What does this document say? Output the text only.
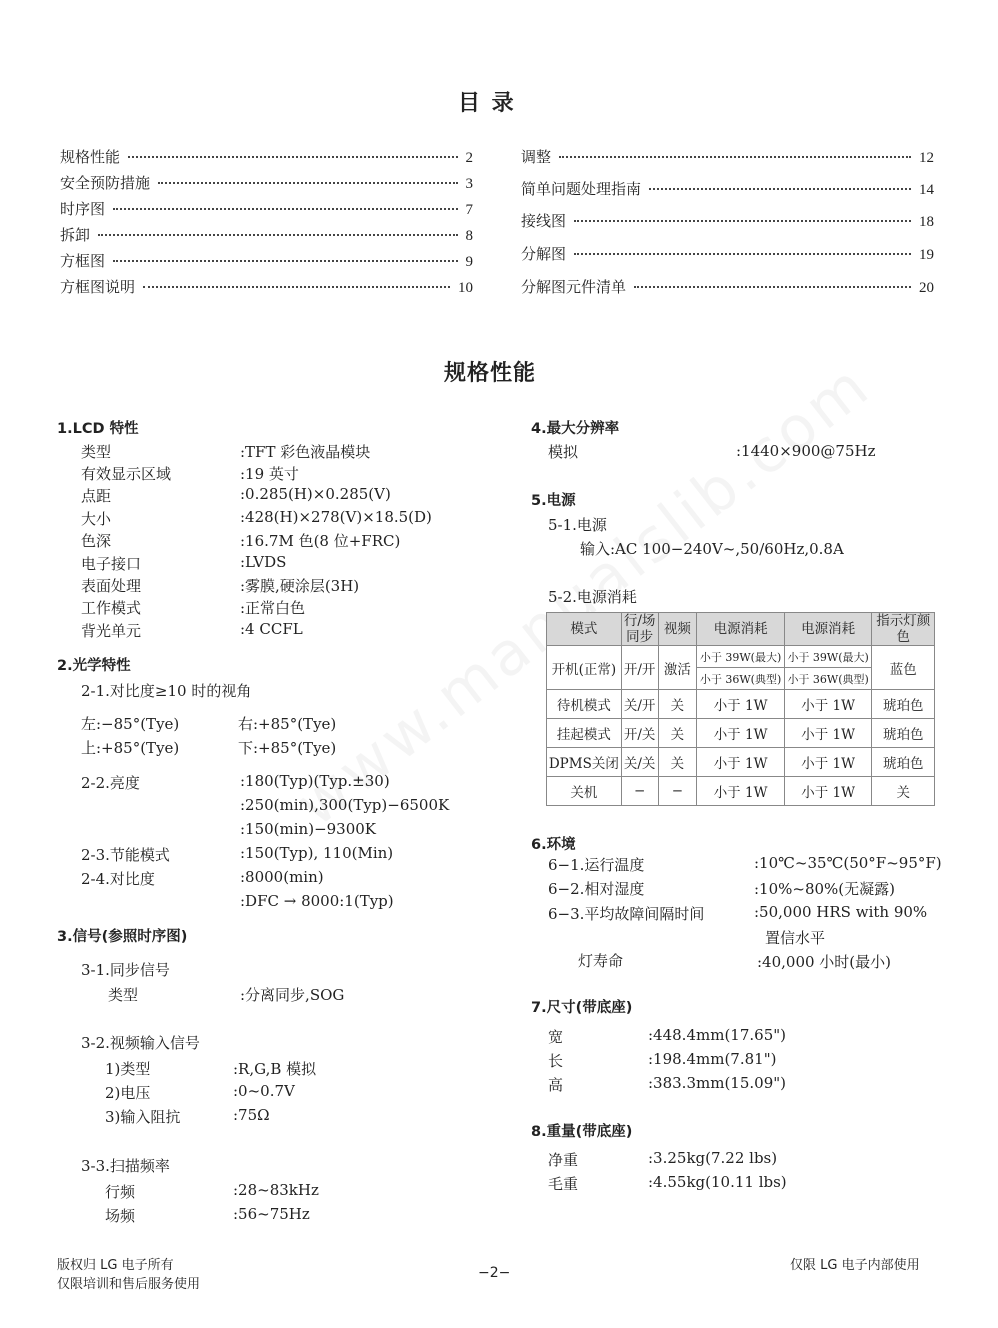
目 录
规格性能	2
安全预防措施	3
时序图	7
拆卸	8
方框图	9
方框图说明	10
调整	12
简单问题处理指南	14
接线图	18
分解图	19
分解图元件清单	20
规格性能
1.LCD 特性
类型	:TFT 彩色液晶模块
有效显示区域	:19 英寸
点距	:0.285(H)×0.285(V)
大小	:428(H)×278(V)×18.5(D)
色深	:16.7M 色(8 位+FRC)
电子接口	:LVDS
表面处理	:雾膜,硬涂层(3H)
工作模式	:正常白色
背光单元	:4 CCFL
2.光学特性
2-1.对比度≥10 时的视角
左:−85°(Tye)	右:+85°(Tye)
上:+85°(Tye)	下:+85°(Tye)
2-2.亮度	:180(Typ)(Typ.±30)
:250(min),300(Typ)−6500K
:150(min)−9300K
2-3.节能模式	:150(Typ), 110(Min)
2-4.对比度	:8000(min)
:DFC → 8000:1(Typ)
3.信号(参照时序图)
3-1.同步信号
类型	:分离同步,SOG
3-2.视频输入信号
1)类型	:R,G,B 模拟
2)电压	:0~0.7V
3)输入阻抗	:75Ω
3-3.扫描频率
行频	:28~83kHz
场频	:56~75Hz
4.最大分辨率
模拟	:1440×900@75Hz
5.电源
5-1.电源
输入:AC 100−240V~,50/60Hz,0.8A
5-2.电源消耗
模式	行/场同步	视频	电源消耗	电源消耗	指示灯颜色
开机(正常)	开/开	激活	小于 39W(最大)	小于 39W(最大)	蓝色
			小于 36W(典型)	小于 36W(典型)	
待机模式	关/开	关	小于 1W	小于 1W	琥珀色
挂起模式	开/关	关	小于 1W	小于 1W	琥珀色
DPMS关闭	关/关	关	小于 1W	小于 1W	琥珀色
关机	−	−	小于 1W	小于 1W	关
6.环境
6−1.运行温度	:10℃~35℃(50°F~95°F)
6−2.相对湿度	:10%~80%(无凝露)
6−3.平均故障间隔时间	:50,000 HRS with 90%
置信水平
灯寿命	:40,000 小时(最小)
7.尺寸(带底座)
宽	:448.4mm(17.65")
长	:198.4mm(7.81")
高	:383.3mm(15.09")
8.重量(带底座)
净重	:3.25kg(7.22 lbs)
毛重	:4.55kg(10.11 lbs)
版权归 LG 电子所有
仅限培训和售后服务使用
−2−	仅限 LG 电子内部使用
